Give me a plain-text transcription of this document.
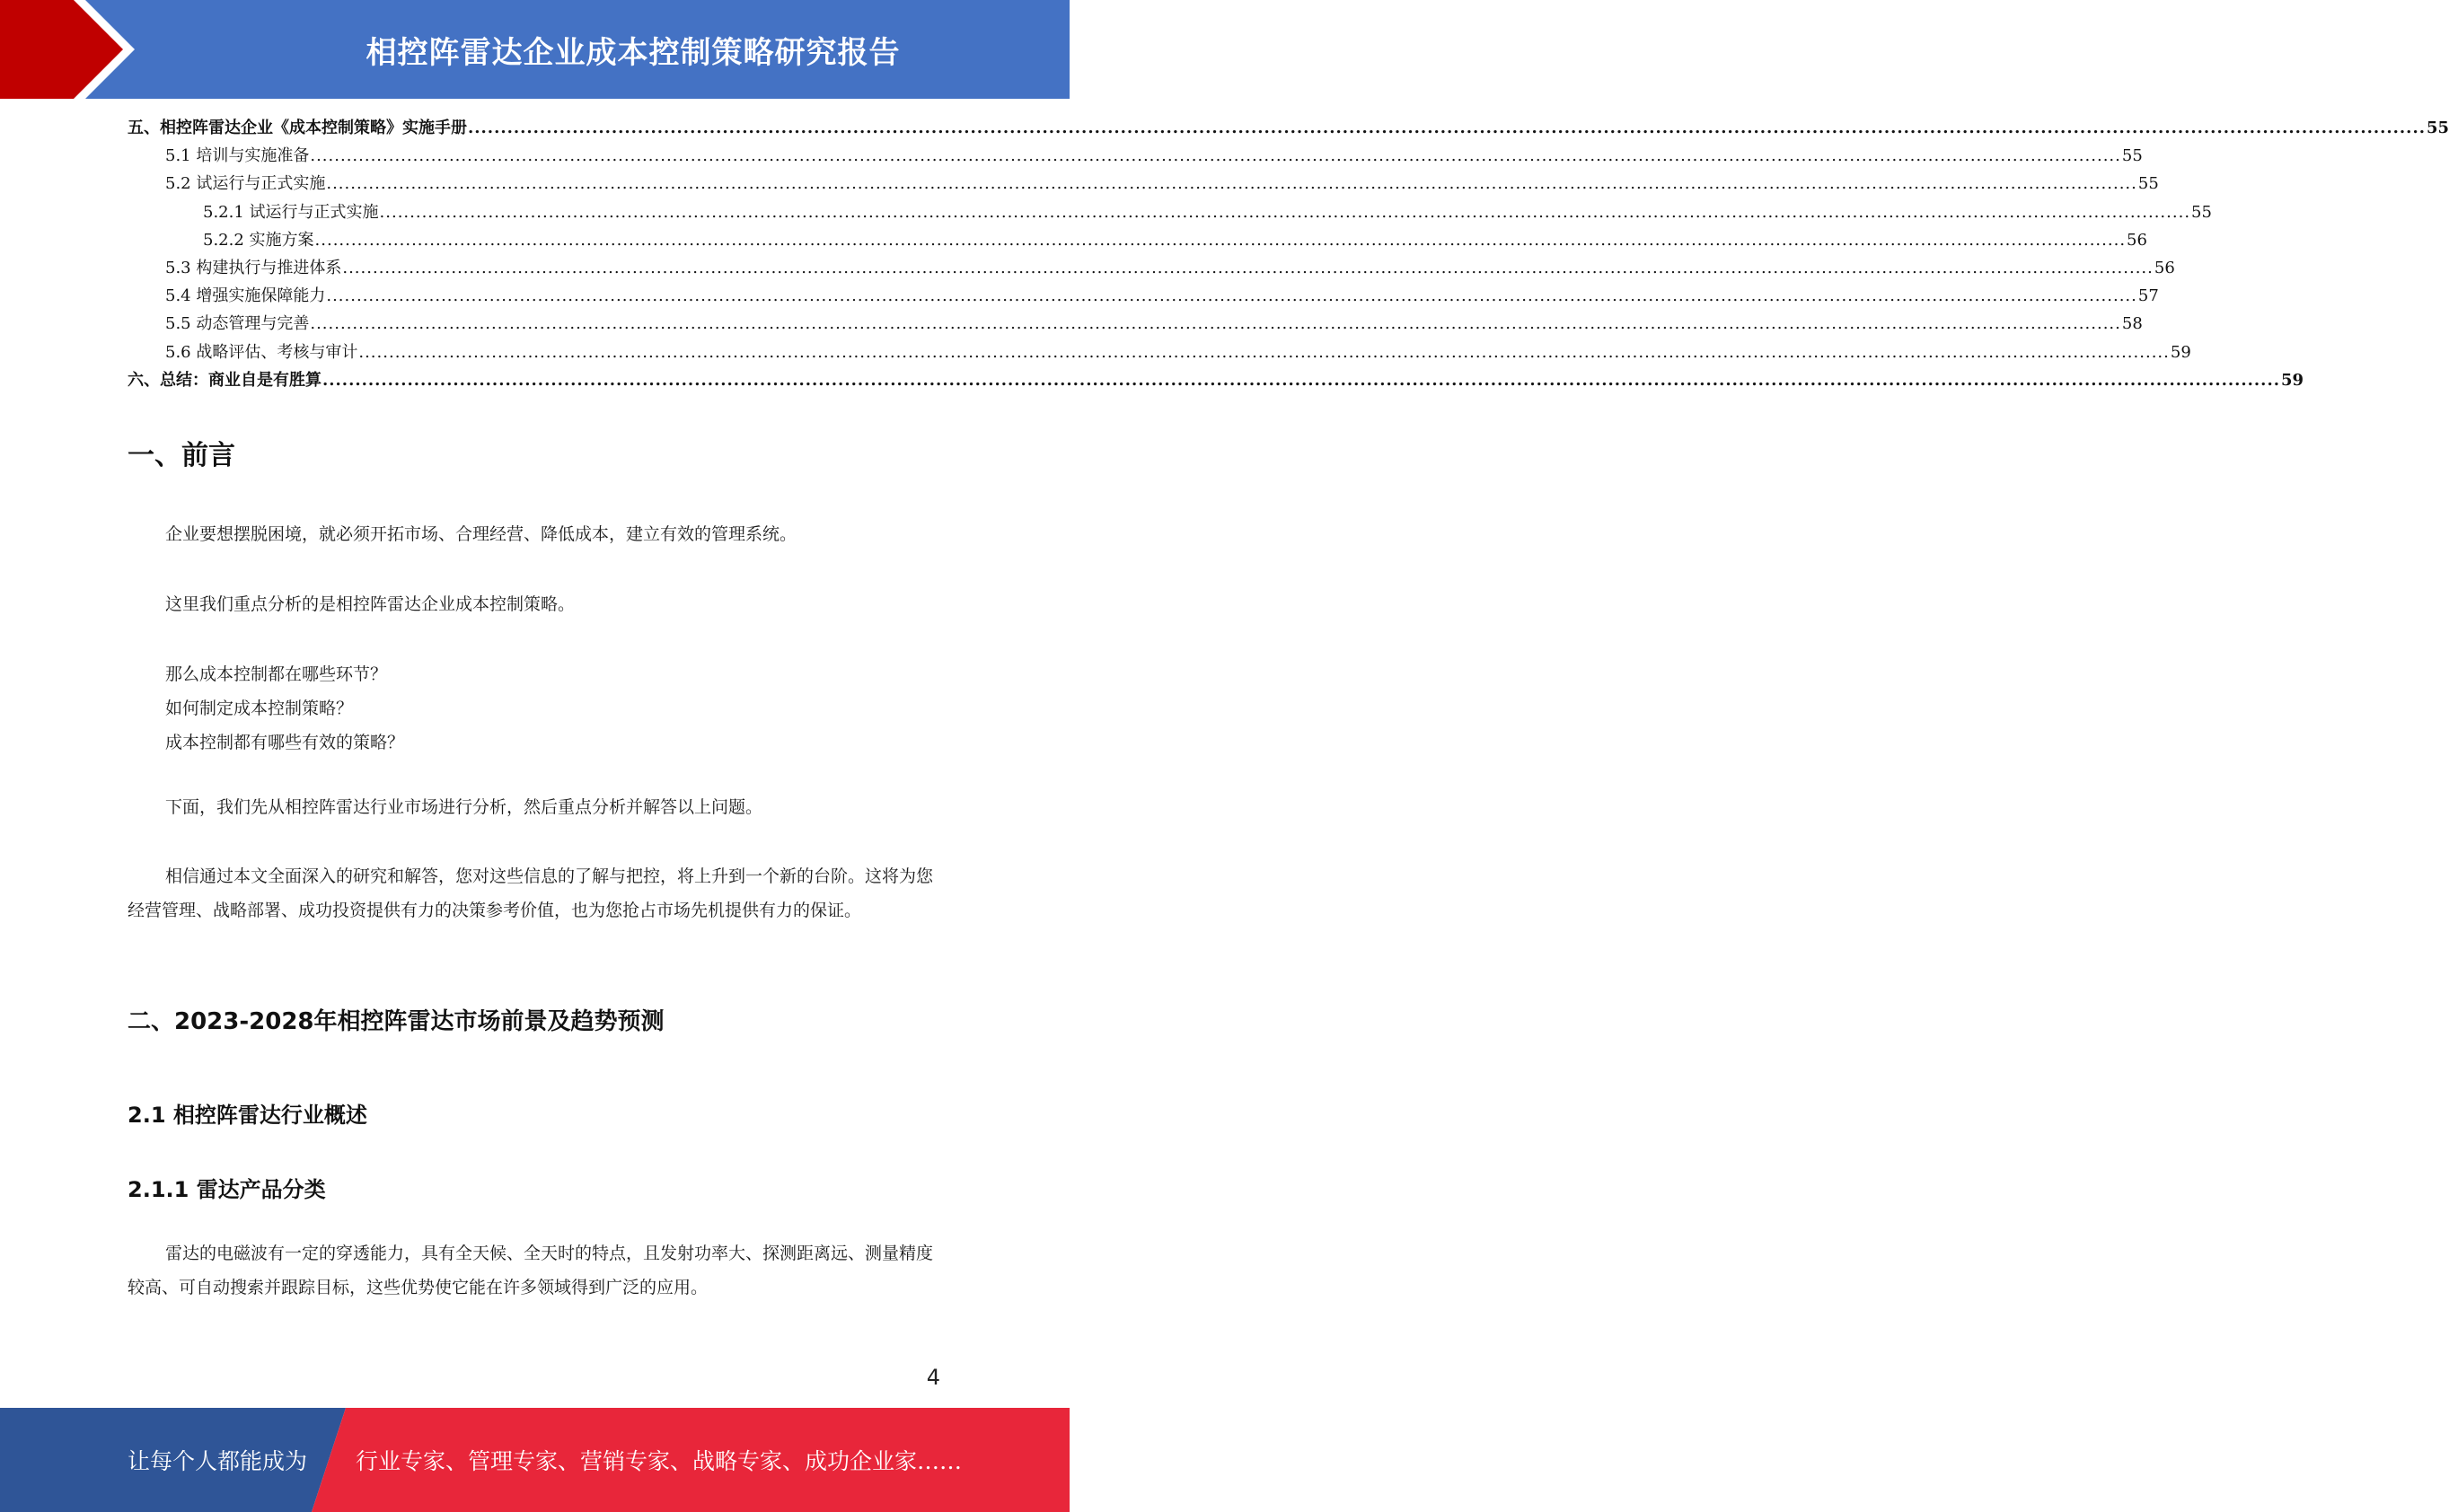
相控阵雷达企业成本控制策略研究报告
五、相控阵雷达企业《成本控制策略》实施手册 ............................................................................................................................................................................................................................................................................................................ 55
5.1 培训与实施准备 ............................................................................................................................................................................................................................................................................................................ 55
5.2 试运行与正式实施 ............................................................................................................................................................................................................................................................................................................ 55
5.2.1 试运行与正式实施 ............................................................................................................................................................................................................................................................................................................ 55
5.2.2 实施方案 ............................................................................................................................................................................................................................................................................................................ 56
5.3 构建执行与推进体系 ............................................................................................................................................................................................................................................................................................................ 56
5.4 增强实施保障能力 ............................................................................................................................................................................................................................................................................................................ 57
5.5 动态管理与完善 ............................................................................................................................................................................................................................................................................................................ 58
5.6 战略评估、考核与审计 ............................................................................................................................................................................................................................................................................................................ 59
六、总结：商业自是有胜算 ............................................................................................................................................................................................................................................................................................................ 59
一、前言
企业要想摆脱困境，就必须开拓市场、合理经营、降低成本，建立有效的管理系统。
这里我们重点分析的是相控阵雷达企业成本控制策略。
那么成本控制都在哪些环节？
如何制定成本控制策略？
成本控制都有哪些有效的策略？
下面，我们先从相控阵雷达行业市场进行分析，然后重点分析并解答以上问题。
相信通过本文全面深入的研究和解答，您对这些信息的了解与把控，将上升到一个新的台阶。这将为您经营管理、战略部署、成功投资提供有力的决策参考价值，也为您抢占市场先机提供有力的保证。
二、2023-2028年相控阵雷达市场前景及趋势预测
2.1 相控阵雷达行业概述
2.1.1 雷达产品分类
雷达的电磁波有一定的穿透能力，具有全天候、全天时的特点，且发射功率大、探测距离远、测量精度较高、可自动搜索并跟踪目标，这些优势使它能在许多领域得到广泛的应用。
4
让每个人都能成为 行业专家、管理专家、营销专家、战略专家、成功企业家……
